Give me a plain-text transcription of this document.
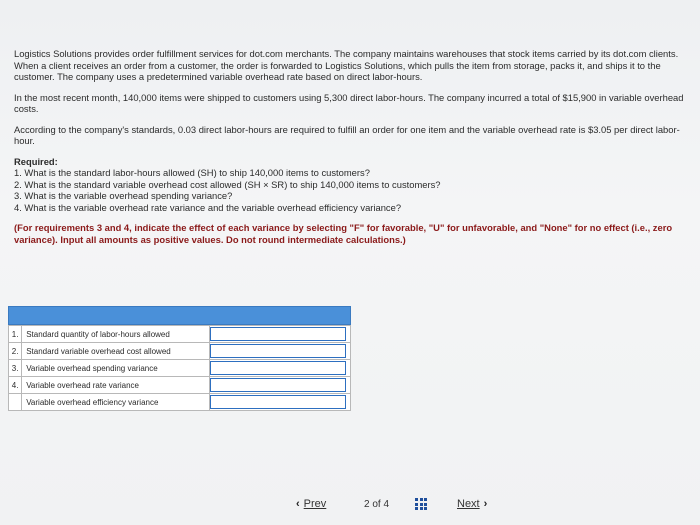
Logistics Solutions provides order fulfillment services for dot.com merchants. The company maintains warehouses that stock items carried by its dot.com clients. When a client receives an order from a customer, the order is forwarded to Logistics Solutions, which pulls the item from storage, packs it, and ships it to the customer. The company uses a predetermined variable overhead rate based on direct labor-hours.

In the most recent month, 140,000 items were shipped to customers using 5,300 direct labor-hours. The company incurred a total of $15,900 in variable overhead costs.

According to the company's standards, 0.03 direct labor-hours are required to fulfill an order for one item and the variable overhead rate is $3.05 per direct labor-hour.

Required:

1. What is the standard labor-hours allowed (SH) to ship 140,000 items to customers?
2. What is the standard variable overhead cost allowed (SH × SR) to ship 140,000 items to customers?
3. What is the variable overhead spending variance?
4. What is the variable overhead rate variance and the variable overhead efficiency variance?

(For requirements 3 and 4, indicate the effect of each variance by selecting "F" for favorable, "U" for unfavorable, and "None" for no effect (i.e., zero variance). Input all amounts as positive values. Do not round intermediate calculations.)

1.	Standard quantity of labor-hours allowed	

2.	Standard variable overhead cost allowed	

3.	Variable overhead spending variance	

4.	Variable overhead rate variance	

	Variable overhead efficiency variance	
‹ Prev	2 of 4	Next ›
